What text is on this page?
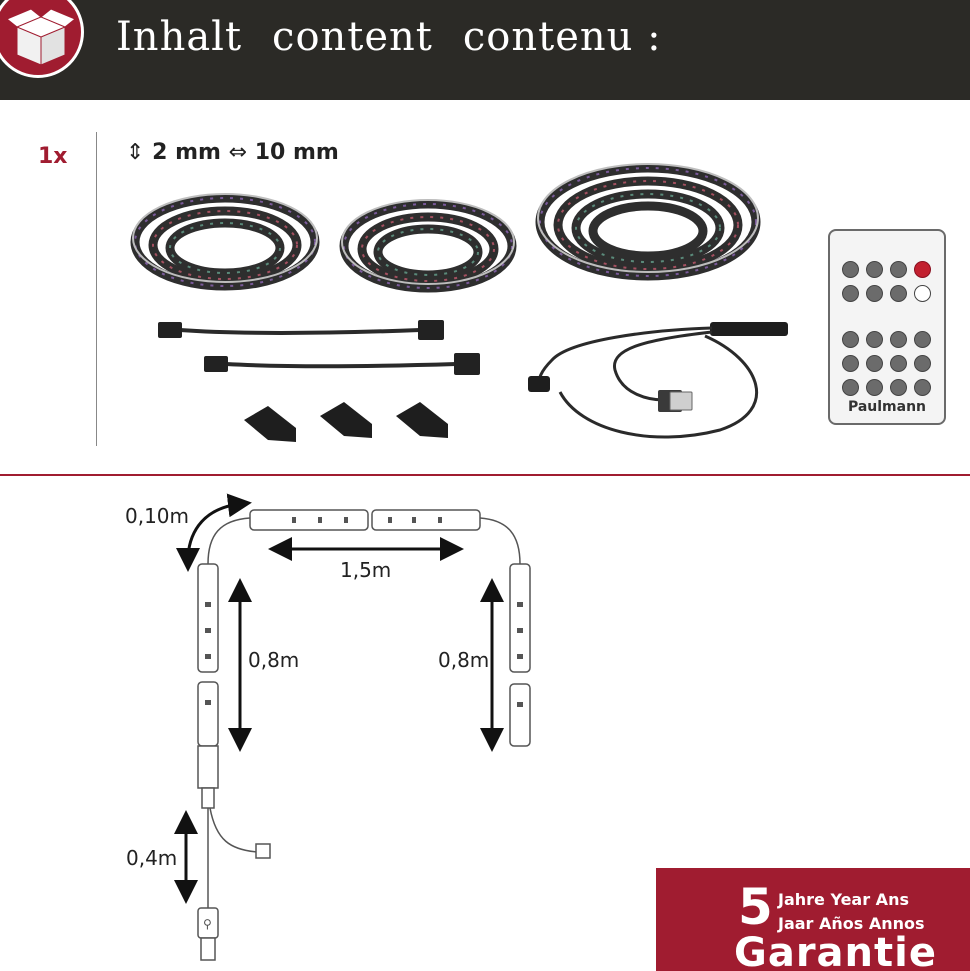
Inhalt content contenu :
1x	⇕ 2 mm ⇔ 10 mm
Paulmann
⚲
0,10m
1,5m
0,8m	0,8m
0,4m
5 Jahre Year Ans
Jaar Años Annos
Garantie
